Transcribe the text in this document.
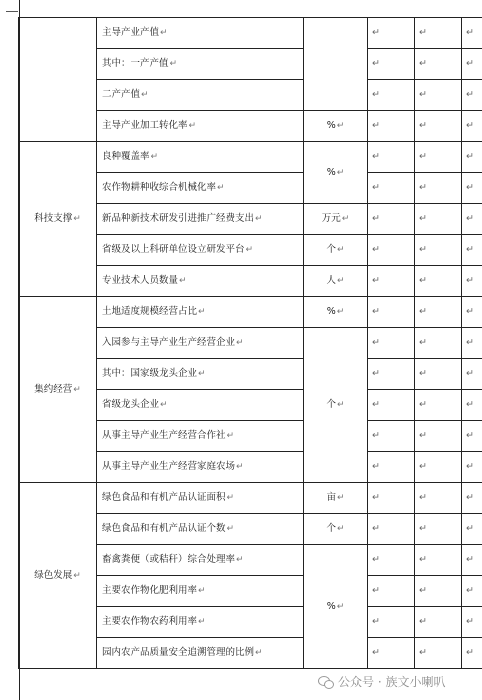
	主导产业产值↵		↵	↵	↵
	其中：一产产值↵		↵	↵	↵
	二产产值↵		↵	↵	↵
	主导产业加工转化率↵	%↵	↵	↵	↵
科技支撑↵	良种覆盖率↵	%↵	↵	↵	↵
	农作物耕种收综合机械化率↵		↵	↵	↵
	新品种新技术研发引进推广经费支出↵	万元↵	↵	↵	↵
	省级及以上科研单位设立研发平台↵	个↵	↵	↵	↵
	专业技术人员数量↵	人↵	↵	↵	↵
集约经营↵	土地适度规模经营占比↵	%↵	↵	↵	↵
	入园参与主导产业生产经营企业↵	个↵	↵	↵	↵
	其中：国家级龙头企业↵		↵	↵	↵
	省级龙头企业↵		↵	↵	↵
	从事主导产业生产经营合作社↵		↵	↵	↵
	从事主导产业生产经营家庭农场↵		↵	↵	↵
绿色发展↵	绿色食品和有机产品认证面积↵	亩↵	↵	↵	↵
	绿色食品和有机产品认证个数↵	个↵	↵	↵	↵
	畜禽粪便（或秸秆）综合处理率↵	%↵	↵	↵	↵
	主要农作物化肥利用率↵		↵	↵	↵
	主要农作物农药利用率↵		↵	↵	↵
	园内农产品质量安全追溯管理的比例↵		↵	↵	↵
公众号 · 族文小喇叭
